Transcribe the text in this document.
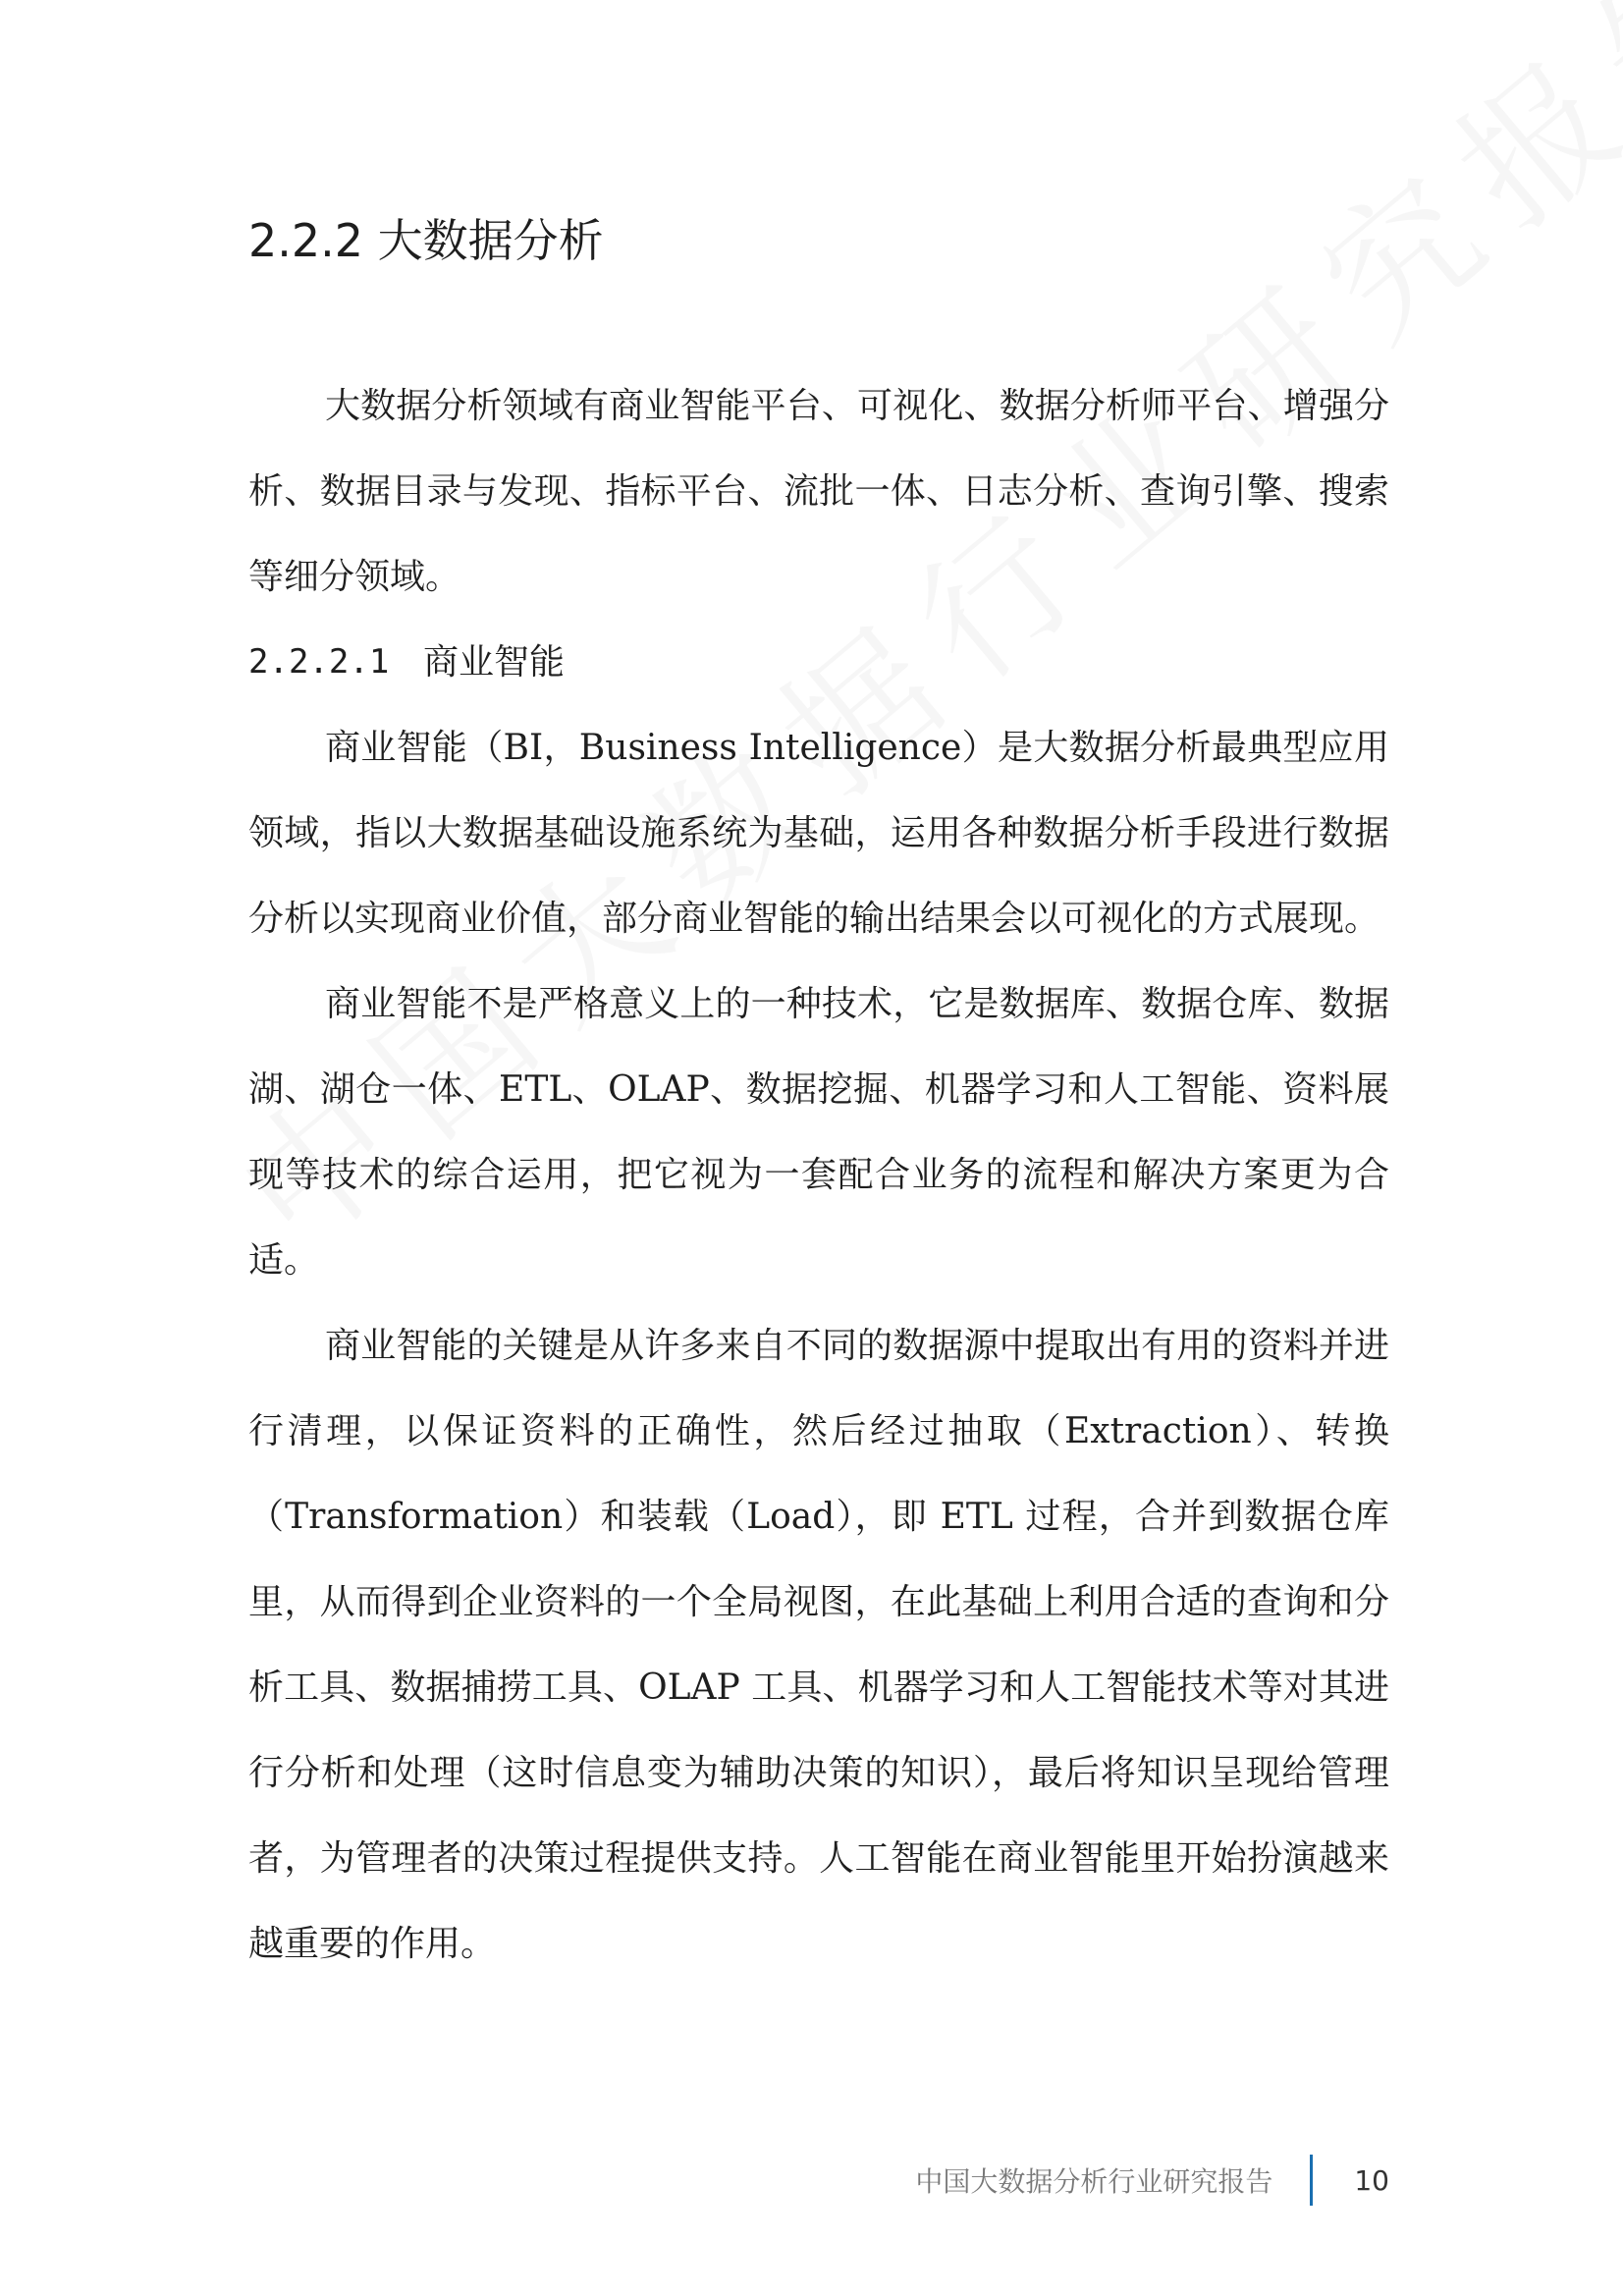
2.2.2 大数据分析

大数据分析领域有商业智能平台、可视化、数据分析师平台、增强分析、数据目录与发现、指标平台、流批一体、日志分析、查询引擎、搜索等细分领域。

2.2.2.1 商业智能

商业智能（BI，Business Intelligence）是大数据分析最典型应用领域，指以大数据基础设施系统为基础，运用各种数据分析手段进行数据分析以实现商业价值，部分商业智能的输出结果会以可视化的方式展现。

商业智能不是严格意义上的一种技术，它是数据库、数据仓库、数据湖、湖仓一体、ETL、OLAP、数据挖掘、机器学习和人工智能、资料展现等技术的综合运用，把它视为一套配合业务的流程和解决方案更为合适。

商业智能的关键是从许多来自不同的数据源中提取出有用的资料并进行清理，以保证资料的正确性，然后经过抽取（Extraction）、转换（Transformation）和装载（Load），即 ETL 过程，合并到数据仓库里，从而得到企业资料的一个全局视图，在此基础上利用合适的查询和分析工具、数据捕捞工具、OLAP 工具、机器学习和人工智能技术等对其进行分析和处理（这时信息变为辅助决策的知识），最后将知识呈现给管理者，为管理者的决策过程提供支持。人工智能在商业智能里开始扮演越来越重要的作用。

中国大数据分析行业研究报告	10
